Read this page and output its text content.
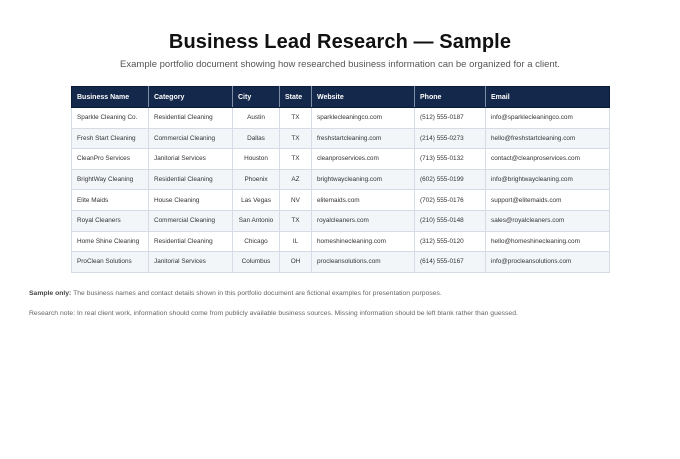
Business Lead Research — Sample
Example portfolio document showing how researched business information can be organized for a client.
Business Name	Category	City	State	Website	Phone	Email
Sparkle Cleaning Co.	Residential Cleaning	Austin	TX	sparklecleaningco.com	(512) 555-0187	info@sparklecleaningco.com
Fresh Start Cleaning	Commercial Cleaning	Dallas	TX	freshstartcleaning.com	(214) 555-0273	hello@freshstartcleaning.com
CleanPro Services	Janitorial Services	Houston	TX	cleanproservices.com	(713) 555-0132	contact@cleanproservices.com
BrightWay Cleaning	Residential Cleaning	Phoenix	AZ	brightwaycleaning.com	(602) 555-0199	info@brightwaycleaning.com
Elite Maids	House Cleaning	Las Vegas	NV	elitemaids.com	(702) 555-0176	support@elitemaids.com
Royal Cleaners	Commercial Cleaning	San Antonio	TX	royalcleaners.com	(210) 555-0148	sales@royalcleaners.com
Home Shine Cleaning	Residential Cleaning	Chicago	IL	homeshinecleaning.com	(312) 555-0120	hello@homeshinecleaning.com
ProClean Solutions	Janitorial Services	Columbus	OH	procleansolutions.com	(614) 555-0167	info@procleansolutions.com
Sample only: The business names and contact details shown in this portfolio document are fictional examples for presentation purposes.
Research note: In real client work, information should come from publicly available business sources. Missing information should be left blank rather than guessed.
